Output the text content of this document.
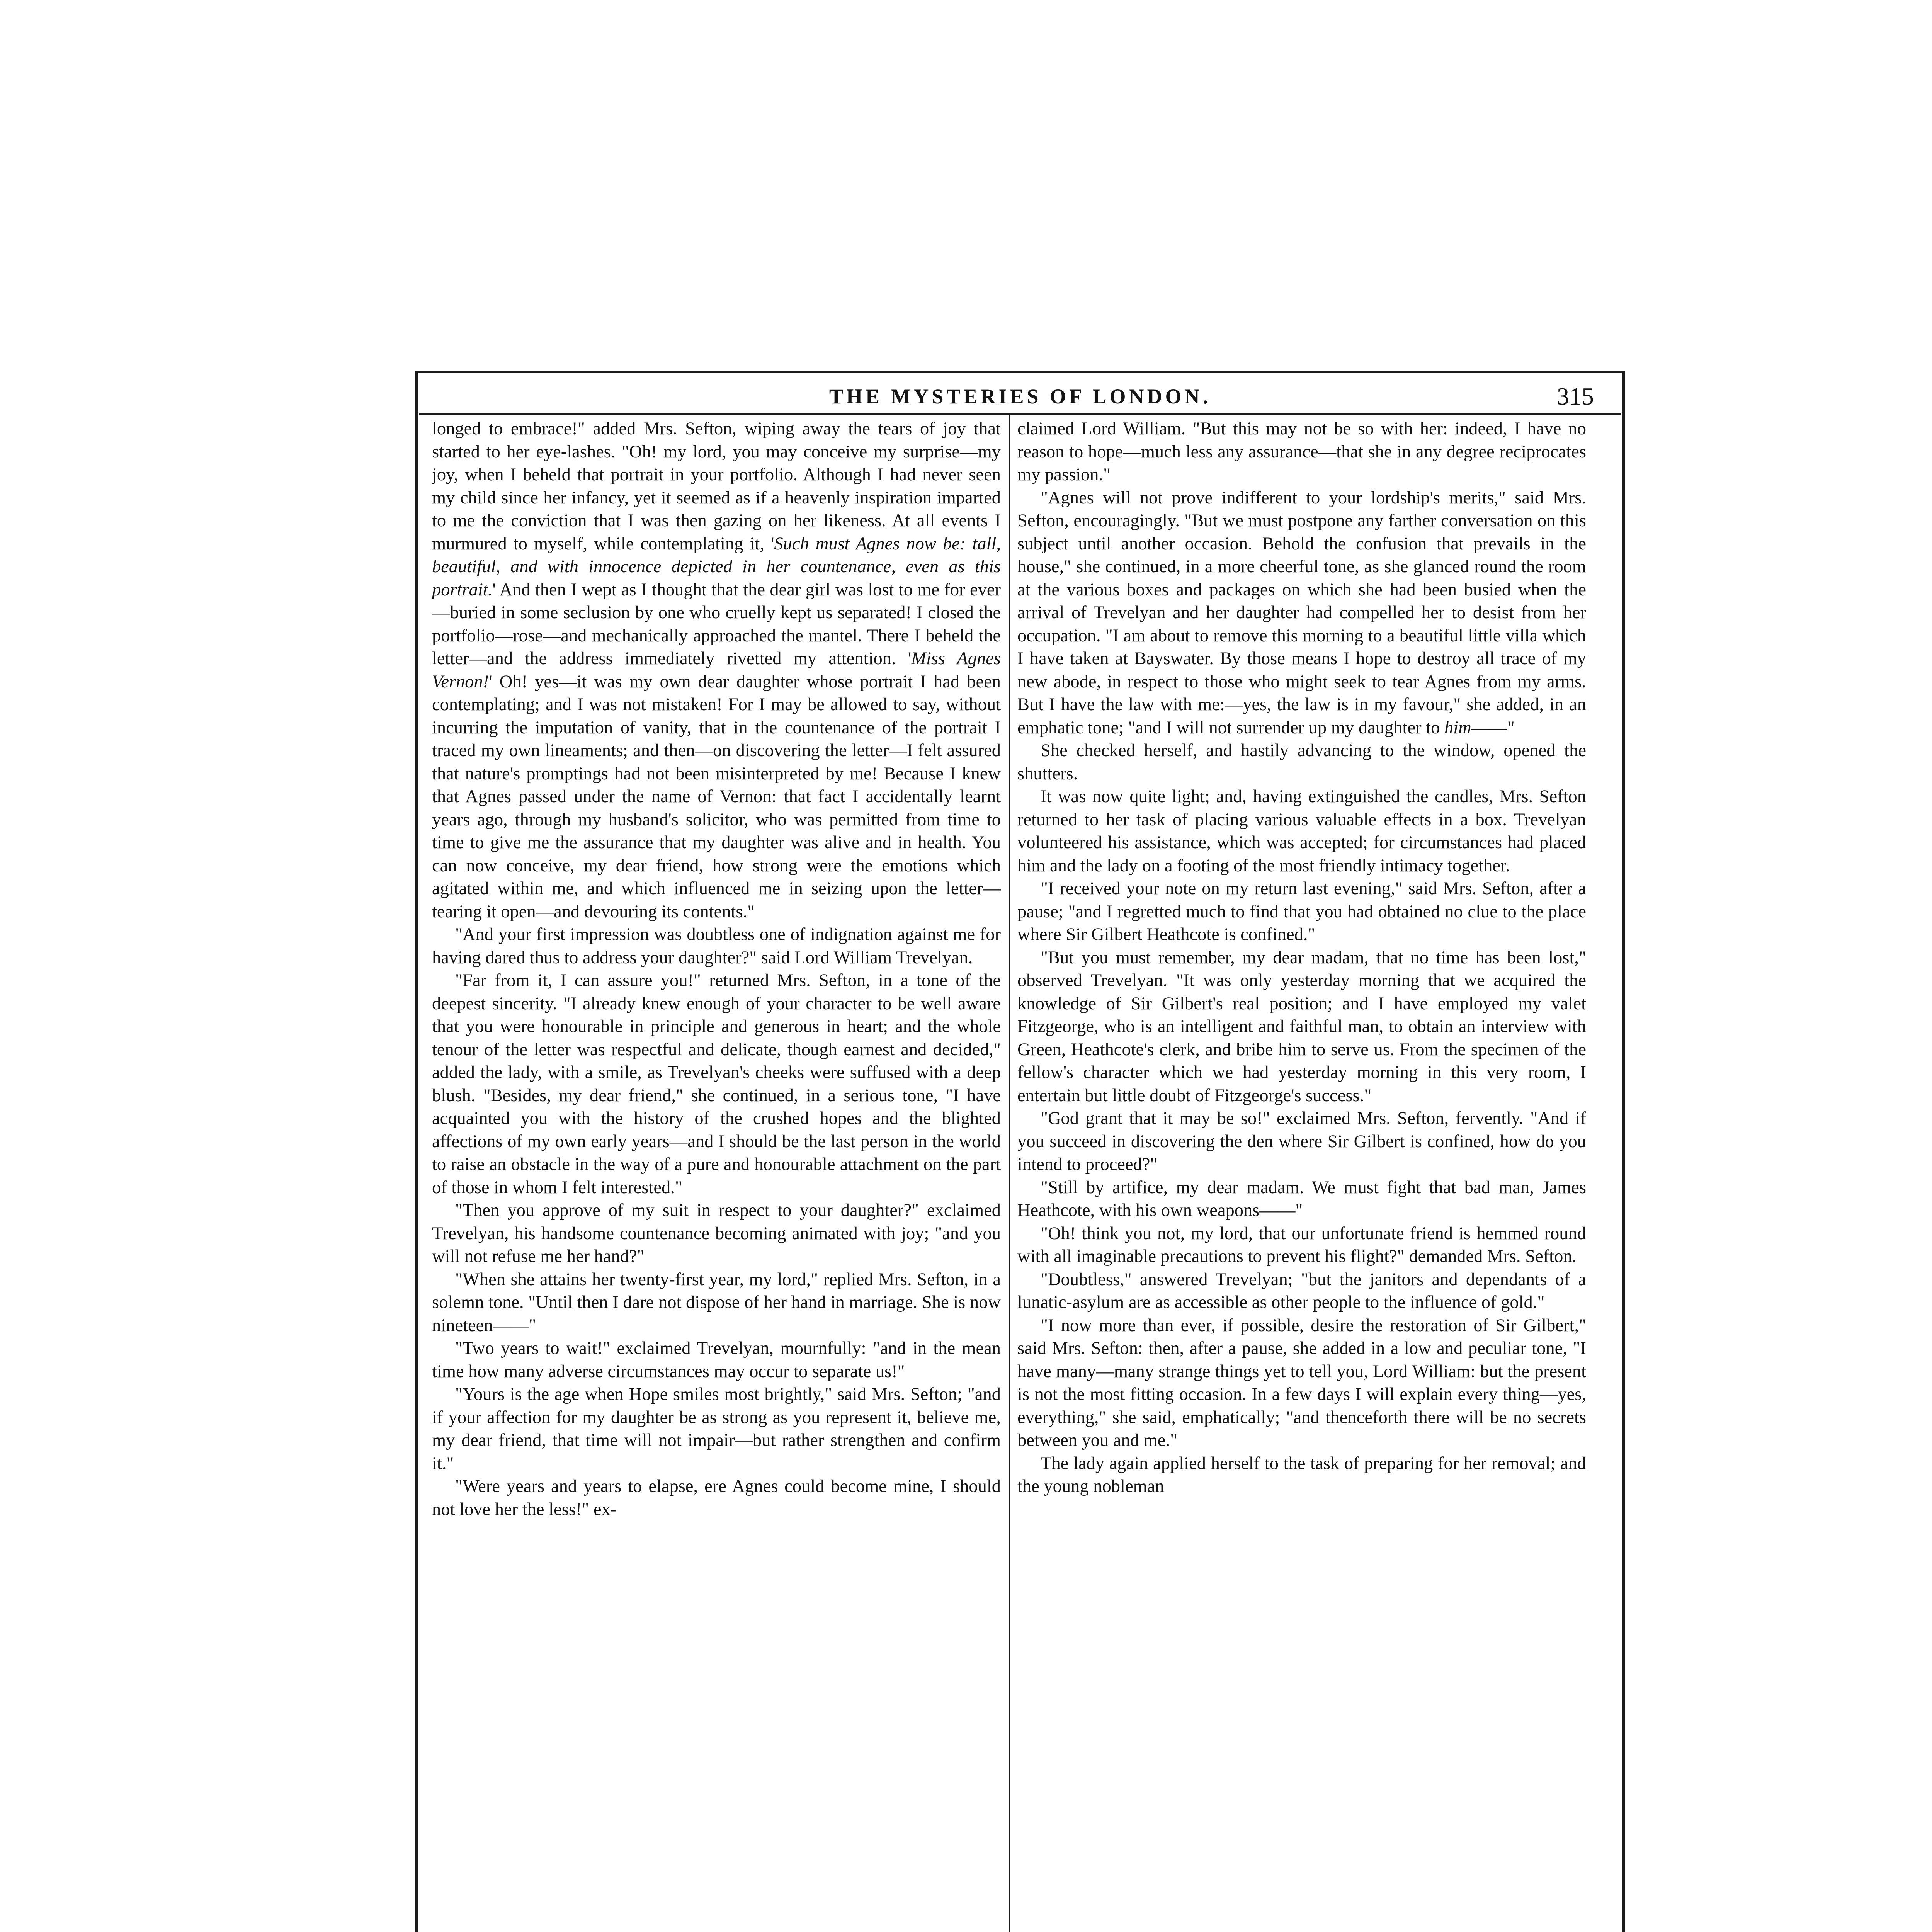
THE MYSTERIES OF LONDON.	315

longed to embrace!" added Mrs. Sefton, wiping away the tears of joy that started to her eye-lashes. "Oh! my lord, you may conceive my surprise—my joy, when I beheld that portrait in your portfolio. Although I had never seen my child since her infancy, yet it seemed as if a heavenly inspiration imparted to me the conviction that I was then gazing on her likeness. At all events I murmured to myself, while contemplating it, 'Such must Agnes now be: tall, beautiful, and with innocence depicted in her countenance, even as this portrait.' And then I wept as I thought that the dear girl was lost to me for ever—buried in some seclusion by one who cruelly kept us separated! I closed the portfolio—rose—and mechanically approached the mantel. There I beheld the letter—and the address immediately rivetted my attention. 'Miss Agnes Vernon!' Oh! yes—it was my own dear daughter whose portrait I had been contemplating; and I was not mistaken! For I may be allowed to say, without incurring the imputation of vanity, that in the countenance of the portrait I traced my own lineaments; and then—on discovering the letter—I felt assured that nature's promptings had not been misinterpreted by me! Because I knew that Agnes passed under the name of Vernon: that fact I accidentally learnt years ago, through my husband's solicitor, who was permitted from time to time to give me the assurance that my daughter was alive and in health. You can now conceive, my dear friend, how strong were the emotions which agitated within me, and which influenced me in seizing upon the letter—tearing it open—and devouring its contents."

"And your first impression was doubtless one of indignation against me for having dared thus to address your daughter?" said Lord William Trevelyan.

"Far from it, I can assure you!" returned Mrs. Sefton, in a tone of the deepest sincerity. "I already knew enough of your character to be well aware that you were honourable in principle and generous in heart; and the whole tenour of the letter was respectful and delicate, though earnest and decided," added the lady, with a smile, as Trevelyan's cheeks were suffused with a deep blush. "Besides, my dear friend," she continued, in a serious tone, "I have acquainted you with the history of the crushed hopes and the blighted affections of my own early years—and I should be the last person in the world to raise an obstacle in the way of a pure and honourable attachment on the part of those in whom I felt interested."

"Then you approve of my suit in respect to your daughter?" exclaimed Trevelyan, his handsome countenance becoming animated with joy; "and you will not refuse me her hand?"

"When she attains her twenty-first year, my lord," replied Mrs. Sefton, in a solemn tone. "Until then I dare not dispose of her hand in marriage. She is now nineteen——"

"Two years to wait!" exclaimed Trevelyan, mournfully: "and in the mean time how many adverse circumstances may occur to separate us!"

"Yours is the age when Hope smiles most brightly," said Mrs. Sefton; "and if your affection for my daughter be as strong as you represent it, believe me, my dear friend, that time will not impair—but rather strengthen and confirm it."

"Were years and years to elapse, ere Agnes could become mine, I should not love her the less!" ex-

claimed Lord William. "But this may not be so with her: indeed, I have no reason to hope—much less any assurance—that she in any degree reciprocates my passion."

"Agnes will not prove indifferent to your lordship's merits," said Mrs. Sefton, encouragingly. "But we must postpone any farther conversation on this subject until another occasion. Behold the confusion that prevails in the house," she continued, in a more cheerful tone, as she glanced round the room at the various boxes and packages on which she had been busied when the arrival of Trevelyan and her daughter had compelled her to desist from her occupation. "I am about to remove this morning to a beautiful little villa which I have taken at Bayswater. By those means I hope to destroy all trace of my new abode, in respect to those who might seek to tear Agnes from my arms. But I have the law with me:—yes, the law is in my favour," she added, in an emphatic tone; "and I will not surrender up my daughter to him——"

She checked herself, and hastily advancing to the window, opened the shutters.

It was now quite light; and, having extinguished the candles, Mrs. Sefton returned to her task of placing various valuable effects in a box. Trevelyan volunteered his assistance, which was accepted; for circumstances had placed him and the lady on a footing of the most friendly intimacy together.

"I received your note on my return last evening," said Mrs. Sefton, after a pause; "and I regretted much to find that you had obtained no clue to the place where Sir Gilbert Heathcote is confined."

"But you must remember, my dear madam, that no time has been lost," observed Trevelyan. "It was only yesterday morning that we acquired the knowledge of Sir Gilbert's real position; and I have employed my valet Fitzgeorge, who is an intelligent and faithful man, to obtain an interview with Green, Heathcote's clerk, and bribe him to serve us. From the specimen of the fellow's character which we had yesterday morning in this very room, I entertain but little doubt of Fitzgeorge's success."

"God grant that it may be so!" exclaimed Mrs. Sefton, fervently. "And if you succeed in discovering the den where Sir Gilbert is confined, how do you intend to proceed?"

"Still by artifice, my dear madam. We must fight that bad man, James Heathcote, with his own weapons——"

"Oh! think you not, my lord, that our unfortunate friend is hemmed round with all imaginable precautions to prevent his flight?" demanded Mrs. Sefton.

"Doubtless," answered Trevelyan; "but the janitors and dependants of a lunatic-asylum are as accessible as other people to the influence of gold."

"I now more than ever, if possible, desire the restoration of Sir Gilbert," said Mrs. Sefton: then, after a pause, she added in a low and peculiar tone, "I have many—many strange things yet to tell you, Lord William: but the present is not the most fitting occasion. In a few days I will explain every thing—yes, everything," she said, emphatically; "and thenceforth there will be no secrets between you and me."

The lady again applied herself to the task of preparing for her removal; and the young nobleman
